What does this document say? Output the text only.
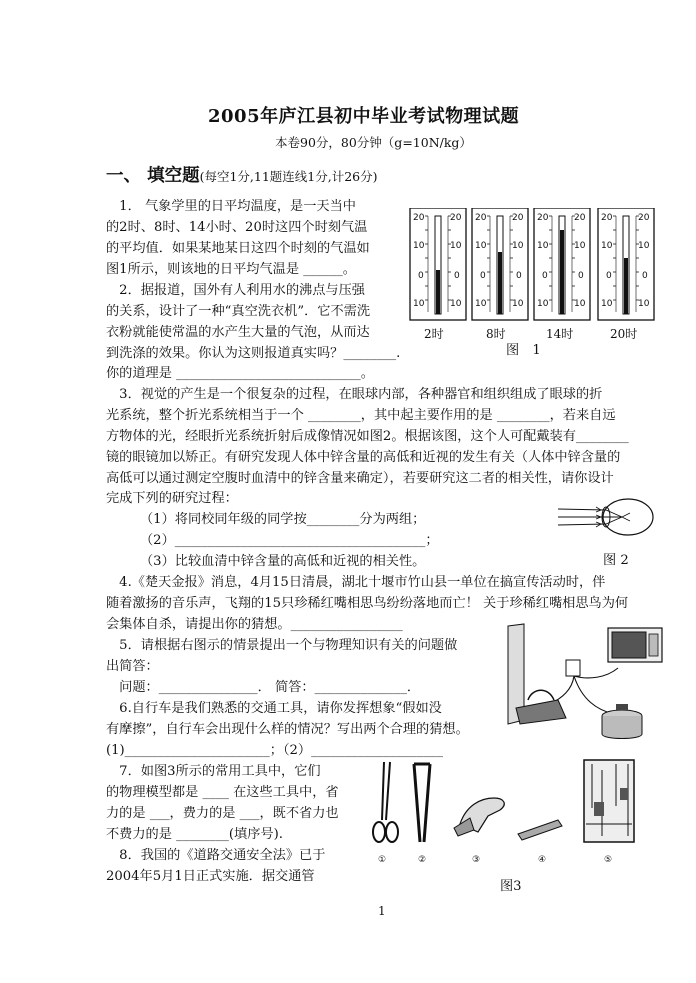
2005年庐江县初中毕业考试物理试题
本卷90分，80分钟（g=10N/kg）
一、 填空题(每空1分,11题连线1分,计26分)
　1． 气象学里的日平均温度，是一天当中
的2时、8时、14小时、20时这四个时刻气温
的平均值．如果某地某日这四个时刻的气温如
图1所示，则该地的日平均气温是 ______。
　2．据报道，国外有人利用水的沸点与压强
的关系，设计了一种“真空洗衣机”．它不需洗
衣粉就能使常温的水产生大量的气泡，从而达
到洗涤的效果。你认为这则报道真实吗？________.
你的道理是 ____________________________。
　3．视觉的产生是一个很复杂的过程，在眼球内部，各种器官和组织组成了眼球的折
光系统，整个折光系统相当于一个 ________，其中起主要作用的是 ________，若来自远
方物体的光，经眼折光系统折射后成像情况如图2。根据该图，这个人可配戴装有________
镜的眼镜加以矫正。有研究发现人体中锌含量的高低和近视的发生有关（人体中锌含量的
高低可以通过测定空腹时血清中的锌含量来确定），若要研究这二者的相关性，请你设计
完成下列的研究过程：
（1）将同校同年级的同学按________分为两组；
（2）______________________________________；
（3）比较血清中锌含量的高低和近视的相关性。
　4.《楚天金报》消息，4月15日清晨，湖北十堰市竹山县一单位在搞宣传活动时，伴
随着激扬的音乐声，飞翔的15只珍稀红嘴相思鸟纷纷落地而亡！ 关于珍稀红嘴相思鸟为何
会集体自杀，请提出你的猜想。_________________
　5．请根据右图示的情景提出一个与物理知识有关的问题做
出简答：
　问题：_______________． 简答：______________．
　6.自行车是我们熟悉的交通工具，请你发挥想象“假如没
有摩擦”，自行车会出现什么样的情况？写出两个合理的猜想。
(1)______________________；（2）____________________
　7．如图3所示的常用工具中，它们
的物理模型都是 ____ 在这些工具中，省
力的是 ___，费力的是 ___，既不省力也
不费力的是 ________(填序号).
　8．我国的《道路交通安全法》已于
2004年5月1日正式实施．据交通管
20	20
10	10
0	0
10	10
20	20
10	10
0	0
10	10
20	20
10	10
0	0
10	10
20	20
10	10
0	0
10	10
2时	8时	14时	20时
图　1
图 2
①	②	③	④	⑤
图3
1
